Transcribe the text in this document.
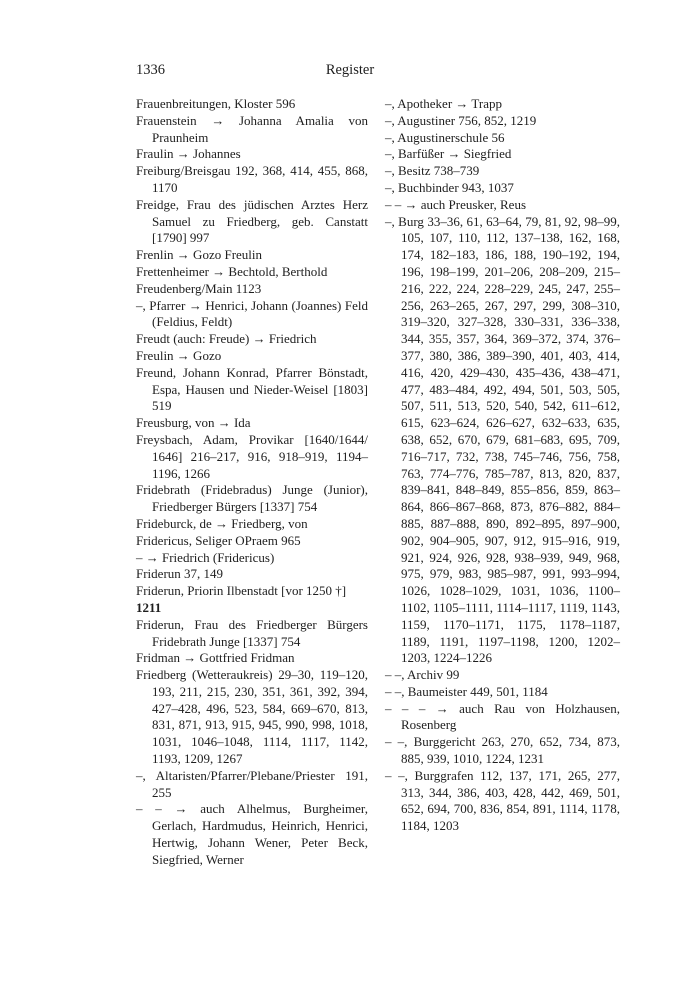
1336	Register
Frauenbreitungen, Kloster 596
Frauenstein → Johanna Amalia von Praunheim
Fraulin → Johannes
Freiburg/Breisgau 192, 368, 414, 455, 868, 1170
Freidge, Frau des jüdischen Arztes Herz Samuel zu Friedberg, geb. Canstatt [1790] 997
Frenlin → Gozo Freulin
Frettenheimer → Bechtold, Berthold
Freudenberg/Main 1123
–, Pfarrer → Henrici, Johann (Joannes) Feld (Feldius, Feldt)
Freudt (auch: Freude) → Friedrich
Freulin → Gozo
Freund, Johann Konrad, Pfarrer Bönstadt, Espa, Hausen und Nieder-Weisel [1803] 519
Freusburg, von → Ida
Freysbach, Adam, Provikar [1640/1644/ 1646] 216–217, 916, 918–919, 1194– 1196, 1266
Fridebrath (Fridebradus) Junge (Junior), Friedberger Bürgers [1337] 754
Frideburck, de → Friedberg, von
Fridericus, Seliger OPraem 965
– → Friedrich (Fridericus)
Friderun 37, 149
Friderun, Priorin Ilbenstadt [vor 1250 †]
1211
Friderun, Frau des Friedberger Bürgers Fridebrath Junge [1337] 754
Fridman → Gottfried Fridman
Friedberg (Wetteraukreis) 29–30, 119–120, 193, 211, 215, 230, 351, 361, 392, 394, 427–428, 496, 523, 584, 669–670, 813, 831, 871, 913, 915, 945, 990, 998, 1018, 1031, 1046–1048, 1114, 1117, 1142, 1193, 1209, 1267
–, Altaristen/Pfarrer/Plebane/Priester 191, 255
– – → auch Alhelmus, Burgheimer, Gerlach, Hardmudus, Heinrich, Henrici, Hertwig, Johann Wener, Peter Beck, Siegfried, Werner
–, Apotheker → Trapp
–, Augustiner 756, 852, 1219
–, Augustinerschule 56
–, Barfüßer → Siegfried
–, Besitz 738–739
–, Buchbinder 943, 1037
– – → auch Preusker, Reus
–, Burg 33–36, 61, 63–64, 79, 81, 92, 98–99, 105, 107, 110, 112, 137–138, 162, 168, 174, 182–183, 186, 188, 190–192, 194, 196, 198–199, 201–206, 208–209, 215–216, 222, 224, 228–229, 245, 247, 255–256, 263–265, 267, 297, 299, 308–310, 319–320, 327–328, 330–331, 336–338, 344, 355, 357, 364, 369–372, 374, 376–377, 380, 386, 389–390, 401, 403, 414, 416, 420, 429–430, 435–436, 438–471, 477, 483–484, 492, 494, 501, 503, 505, 507, 511, 513, 520, 540, 542, 611–612, 615, 623–624, 626–627, 632–633, 635, 638, 652, 670, 679, 681–683, 695, 709, 716–717, 732, 738, 745–746, 756, 758, 763, 774–776, 785–787, 813, 820, 837, 839–841, 848–849, 855–856, 859, 863–864, 866–867–868, 873, 876–882, 884–885, 887–888, 890, 892–895, 897–900, 902, 904–905, 907, 912, 915–916, 919, 921, 924, 926, 928, 938–939, 949, 968, 975, 979, 983, 985–987, 991, 993–994, 1026, 1028–1029, 1031, 1036, 1100–1102, 1105–1111, 1114–1117, 1119, 1143, 1159, 1170–1171, 1175, 1178–1187, 1189, 1191, 1197–1198, 1200, 1202–1203, 1224–1226
– –, Archiv 99
– –, Baumeister 449, 501, 1184
– – – → auch Rau von Holzhausen, Rosenberg
– –, Burggericht 263, 270, 652, 734, 873, 885, 939, 1010, 1224, 1231
– –, Burggrafen 112, 137, 171, 265, 277, 313, 344, 386, 403, 428, 442, 469, 501, 652, 694, 700, 836, 854, 891, 1114, 1178, 1184, 1203
